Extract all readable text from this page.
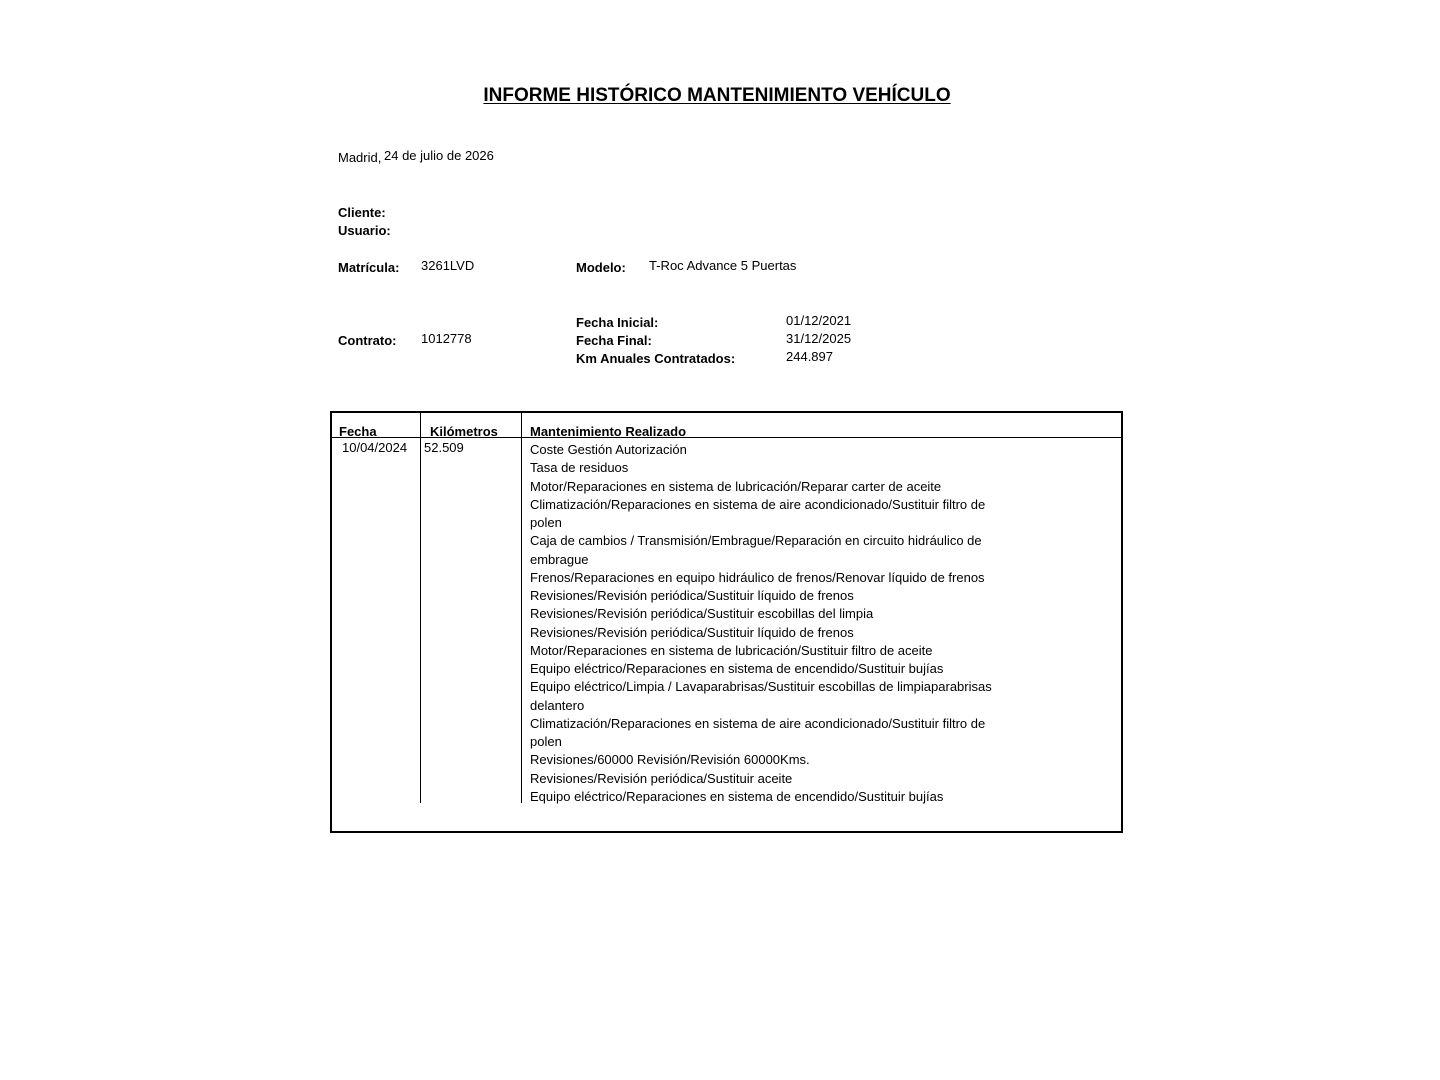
INFORME HISTÓRICO MANTENIMIENTO VEHÍCULO
Madrid, 24 de julio de 2026
Cliente:
Usuario:
Matrícula: 3261LVD	Modelo: T-Roc Advance 5 Puertas
Fecha Inicial:	01/12/2021
Contrato: 1012778	Fecha Final:	31/12/2025
Km Anuales Contratados:	244.897
Fecha	Kilómetros Mantenimiento Realizado
10/04/2024 52.509	Coste Gestión Autorización
Tasa de residuos
Motor/Reparaciones en sistema de lubricación/Reparar carter de aceite
Climatización/Reparaciones en sistema de aire acondicionado/Sustituir filtro de polen
Caja de cambios / Transmisión/Embrague/Reparación en circuito hidráulico de embrague
Frenos/Reparaciones en equipo hidráulico de frenos/Renovar líquido de frenos
Revisiones/Revisión periódica/Sustituir líquido de frenos
Revisiones/Revisión periódica/Sustituir escobillas del limpia
Revisiones/Revisión periódica/Sustituir líquido de frenos
Motor/Reparaciones en sistema de lubricación/Sustituir filtro de aceite
Equipo eléctrico/Reparaciones en sistema de encendido/Sustituir bujías
Equipo eléctrico/Limpia / Lavaparabrisas/Sustituir escobillas de limpiaparabrisas delantero
Climatización/Reparaciones en sistema de aire acondicionado/Sustituir filtro de polen
Revisiones/60000 Revisión/Revisión 60000Kms.
Revisiones/Revisión periódica/Sustituir aceite
Equipo eléctrico/Reparaciones en sistema de encendido/Sustituir bujías
